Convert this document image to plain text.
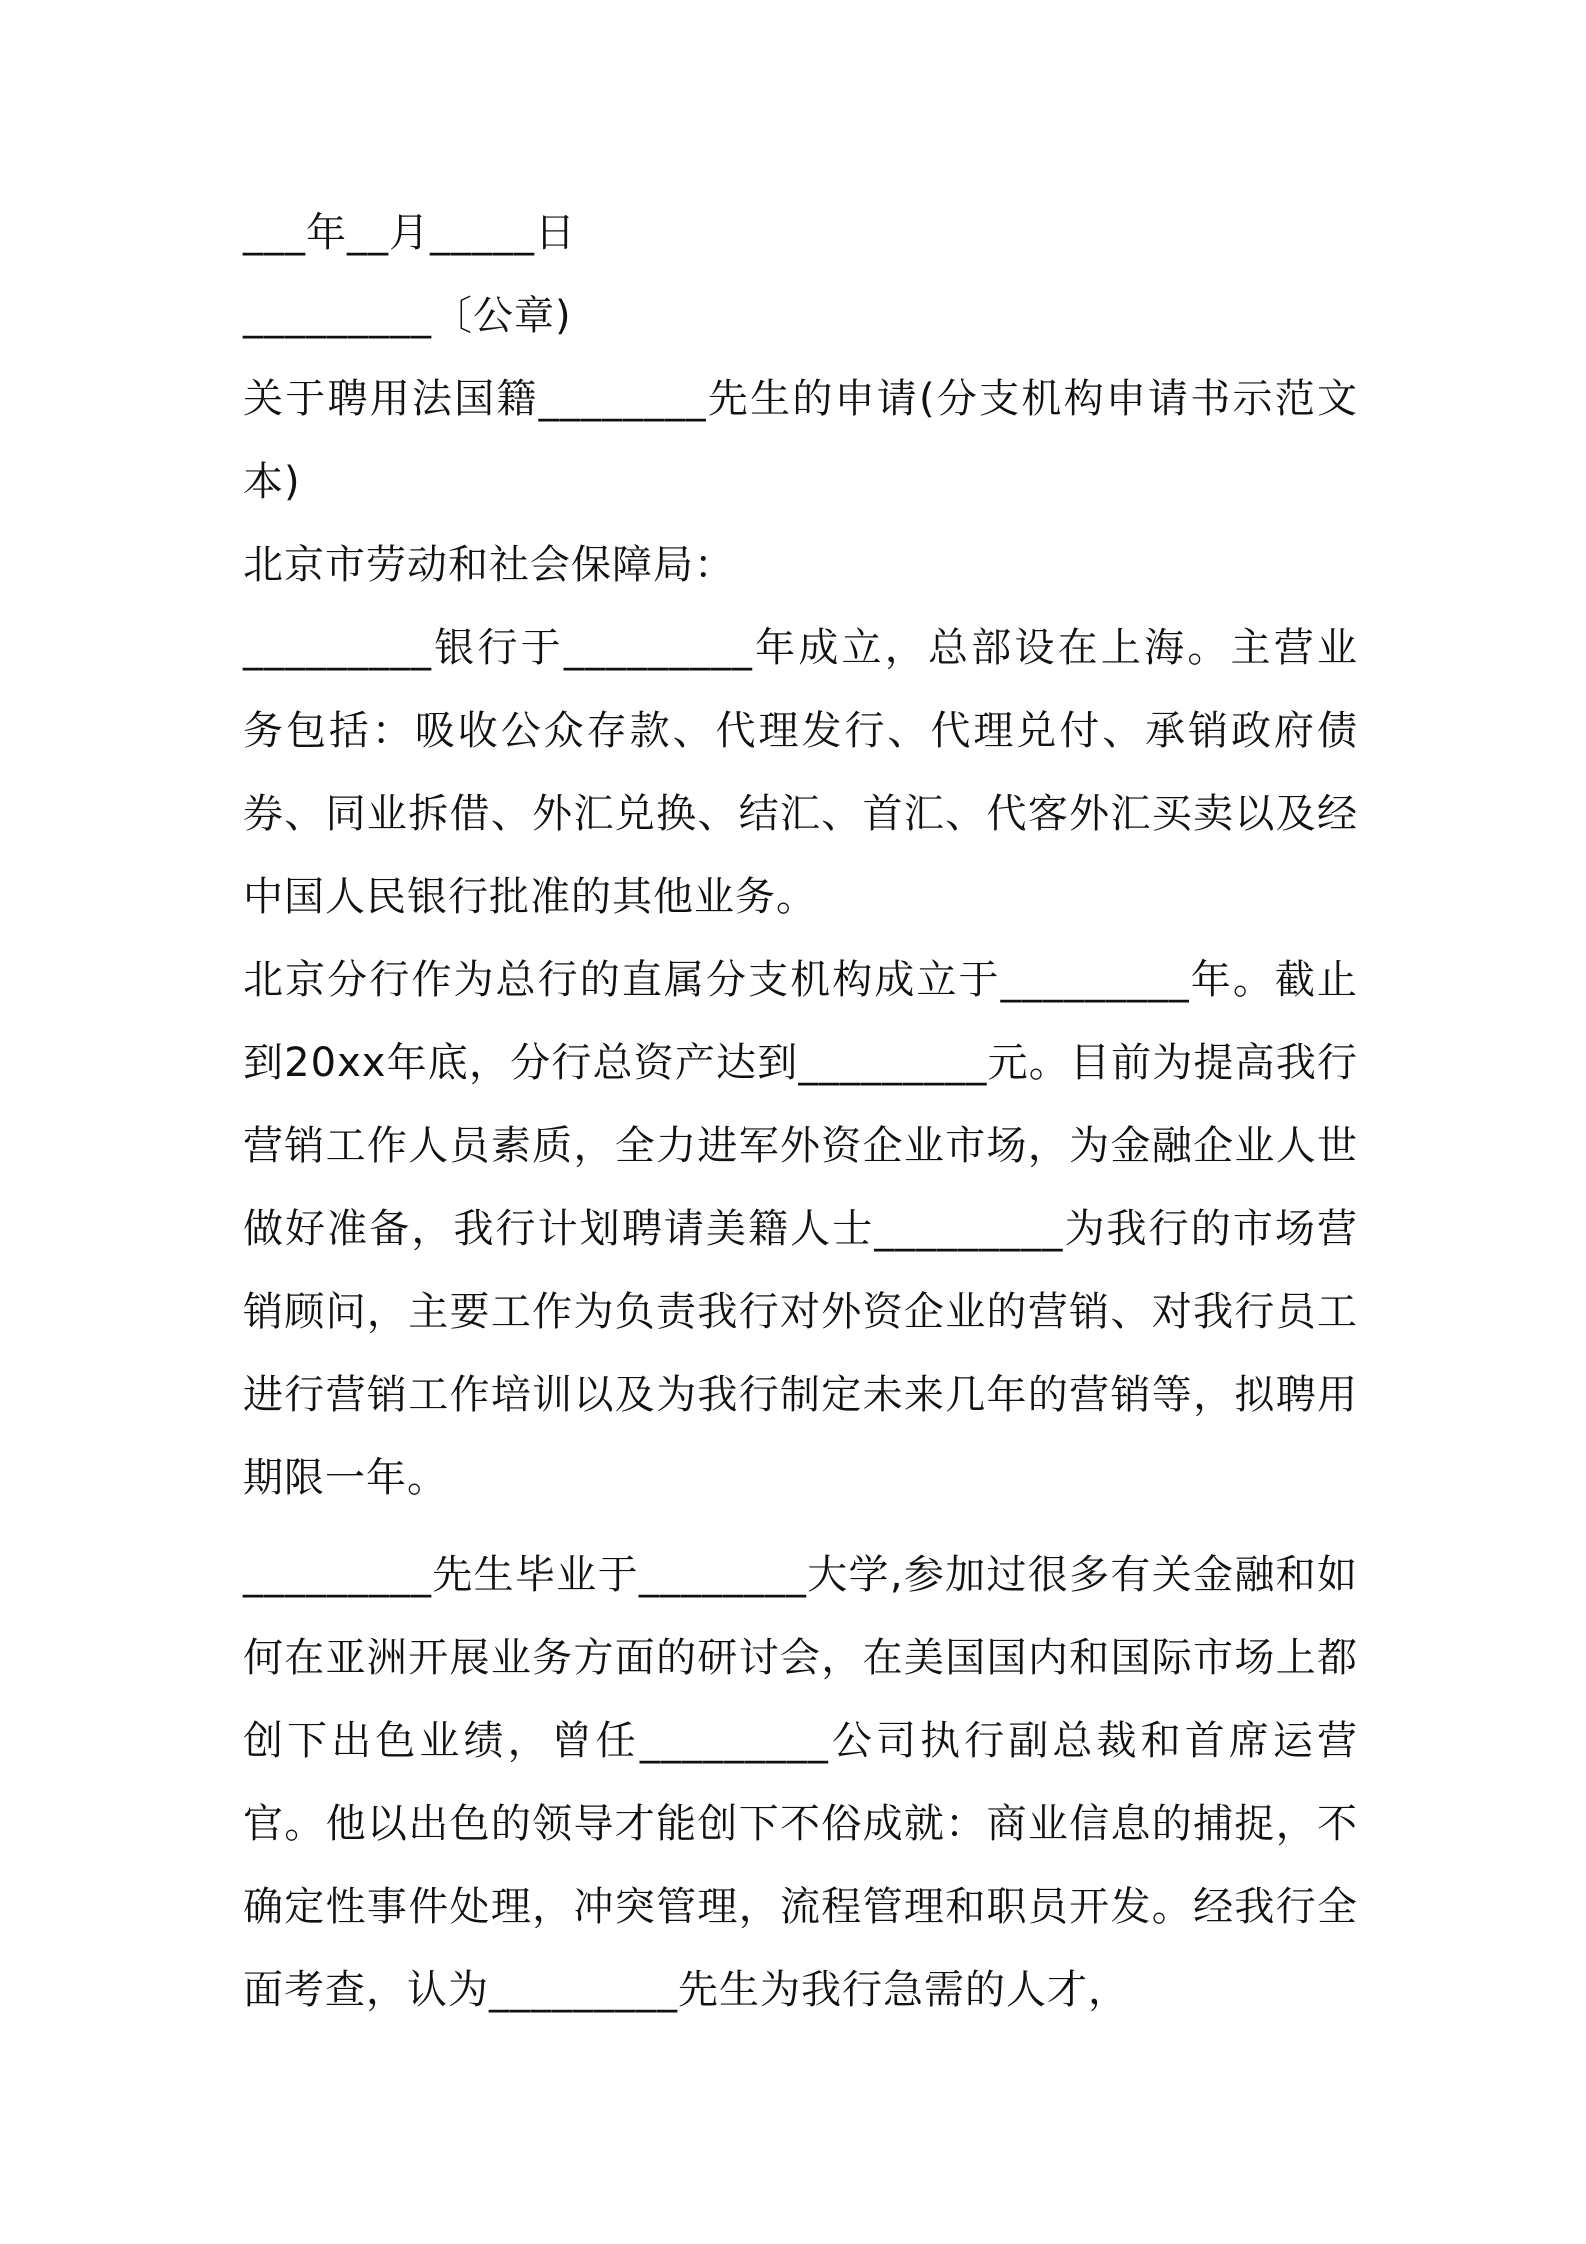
___年__月_____日

_________〔公章)

关于聘用法国籍________先生的申请(分支机构申请书示范文本)

北京市劳动和社会保障局：

_________银行于_________年成立，总部设在上海。主营业务包括：吸收公众存款、代理发行、代理兑付、承销政府债券、同业拆借、外汇兑换、结汇、首汇、代客外汇买卖以及经中国人民银行批准的其他业务。

北京分行作为总行的直属分支机构成立于_________年。截止到20xx年底，分行总资产达到_________元。目前为提高我行营销工作人员素质，全力进军外资企业市场，为金融企业人世做好准备，我行计划聘请美籍人士_________为我行的市场营销顾问，主要工作为负责我行对外资企业的营销、对我行员工进行营销工作培训以及为我行制定未来几年的营销等，拟聘用期限一年。

_________先生毕业于________大学,参加过很多有关金融和如何在亚洲开展业务方面的研讨会，在美国国内和国际市场上都创下出色业绩，曾任_________公司执行副总裁和首席运营官。他以出色的领导才能创下不俗成就：商业信息的捕捉，不确定性事件处理，冲突管理，流程管理和职员开发。经我行全面考查，认为_________先生为我行急需的人才，
